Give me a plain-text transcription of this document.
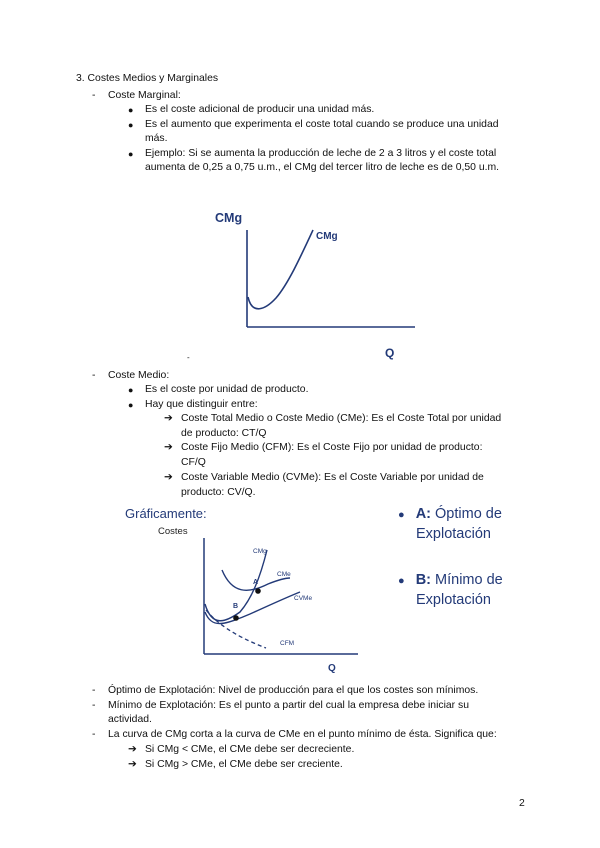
3. Costes Medios y Marginales
- Coste Marginal:
● Es el coste adicional de producir una unidad más.
● Es el aumento que experimenta el coste total cuando se produce una unidad
más.
● Ejemplo: Si se aumenta la producción de leche de 2 a 3 litros y el coste total
aumenta de 0,25 a 0,75 u.m., el CMg del tercer litro de leche es de 0,50 u.m.
CMg
CMg
Q
-
- Coste Medio:
● Es el coste por unidad de producto.
● Hay que distinguir entre:
➔ Coste Total Medio o Coste Medio (CMe): Es el Coste Total por unidad
de producto: CT/Q
➔ Coste Fijo Medio (CFM): Es el Coste Fijo por unidad de producto:
CF/Q
➔ Coste Variable Medio (CVMe): Es el Coste Variable por unidad de
producto: CV/Q.
Gráficamente:
Costes
CMg
CMe
CVMe
CFM
A
B
Q
● A: Óptimo de
Explotación
● B: Mínimo de
Explotación
- Óptimo de Explotación: Nivel de producción para el que los costes son mínimos.
- Mínimo de Explotación: Es el punto a partir del cual la empresa debe iniciar su
actividad.
- La curva de CMg corta a la curva de CMe en el punto mínimo de ésta. Significa que:
➔ Si CMg < CMe, el CMe debe ser decreciente.
➔ Si CMg > CMe, el CMe debe ser creciente.
2
